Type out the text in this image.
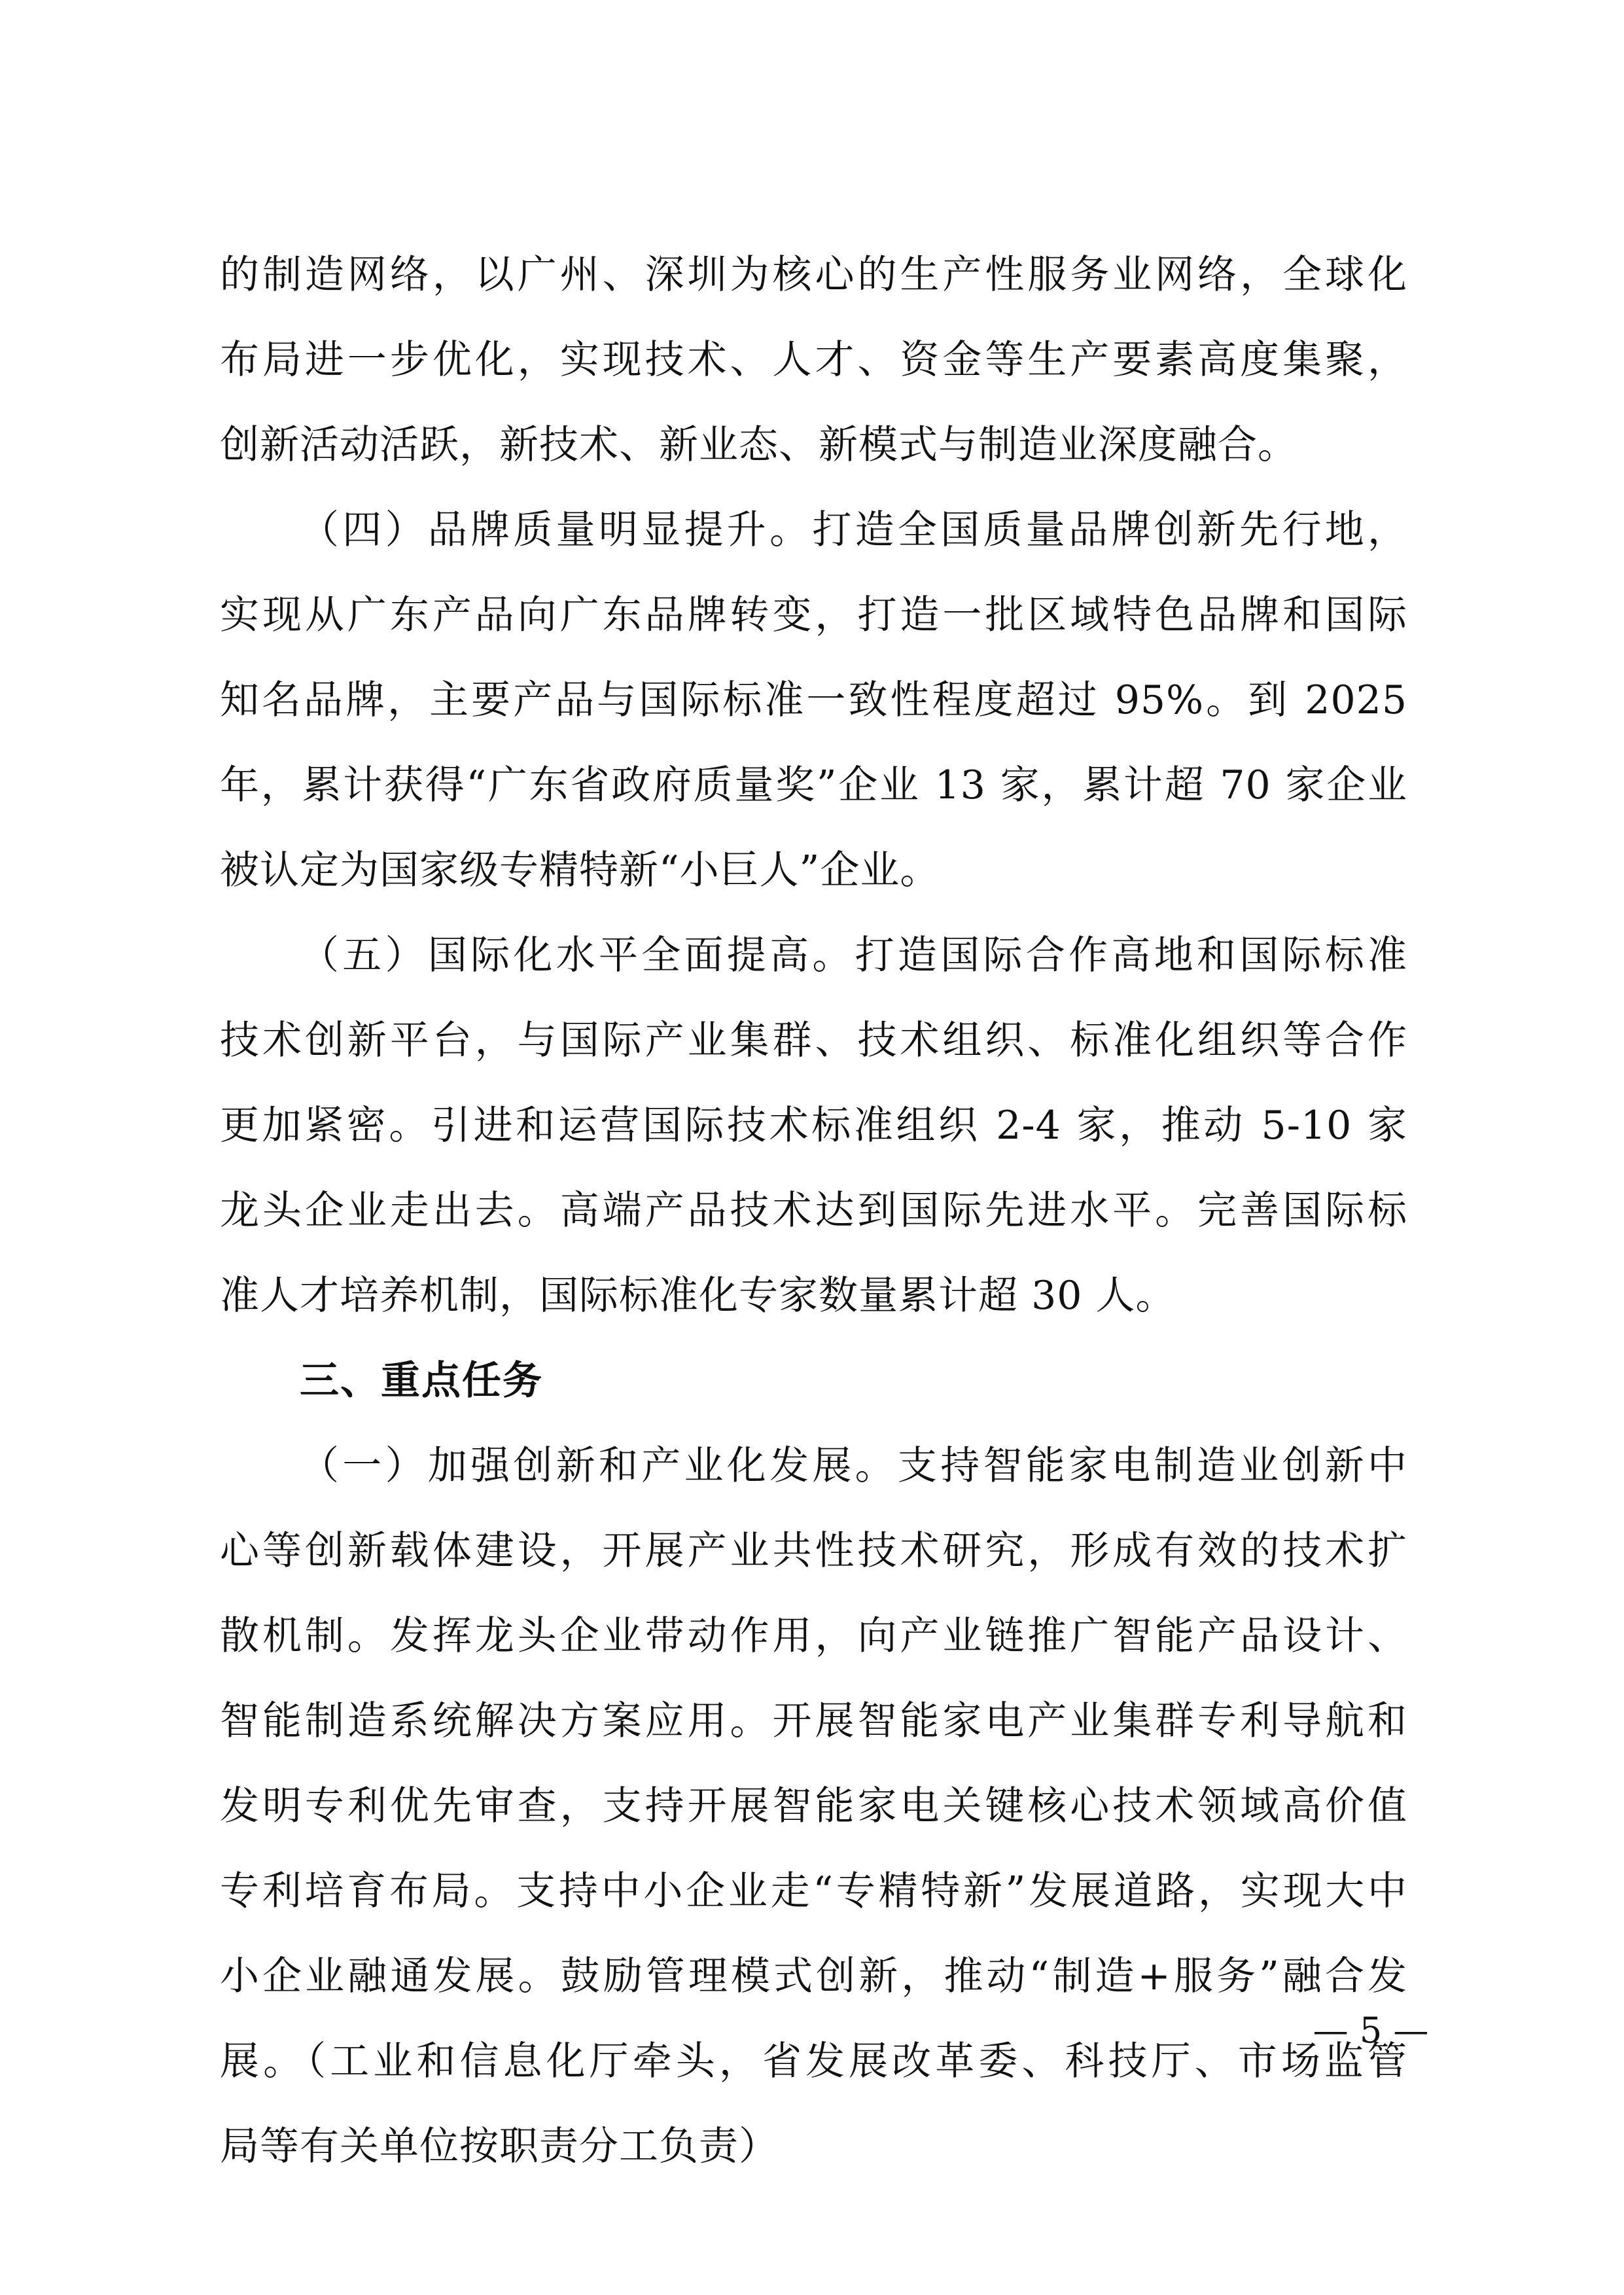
的制造网络，以广州、深圳为核心的生产性服务业网络，全球化
布局进一步优化，实现技术、人才、资金等生产要素高度集聚，
创新活动活跃，新技术、新业态、新模式与制造业深度融合。
（四）品牌质量明显提升。打造全国质量品牌创新先行地，
实现从广东产品向广东品牌转变，打造一批区域特色品牌和国际
知名品牌，主要产品与国际标准一致性程度超过 95%。到 2025
年，累计获得“广东省政府质量奖”企业 13 家，累计超 70 家企业
被认定为国家级专精特新“小巨人”企业。
（五）国际化水平全面提高。打造国际合作高地和国际标准
技术创新平台，与国际产业集群、技术组织、标准化组织等合作
更加紧密。引进和运营国际技术标准组织 2-4 家，推动 5-10 家
龙头企业走出去。高端产品技术达到国际先进水平。完善国际标
准人才培养机制，国际标准化专家数量累计超 30 人。
三、重点任务
（一）加强创新和产业化发展。支持智能家电制造业创新中
心等创新载体建设，开展产业共性技术研究，形成有效的技术扩
散机制。发挥龙头企业带动作用，向产业链推广智能产品设计、
智能制造系统解决方案应用。开展智能家电产业集群专利导航和
发明专利优先审查，支持开展智能家电关键核心技术领域高价值
专利培育布局。支持中小企业走“专精特新”发展道路，实现大中
小企业融通发展。鼓励管理模式创新，推动“制造+服务”融合发
展。（工业和信息化厅牵头，省发展改革委、科技厅、市场监管
局等有关单位按职责分工负责）
— 5 —
